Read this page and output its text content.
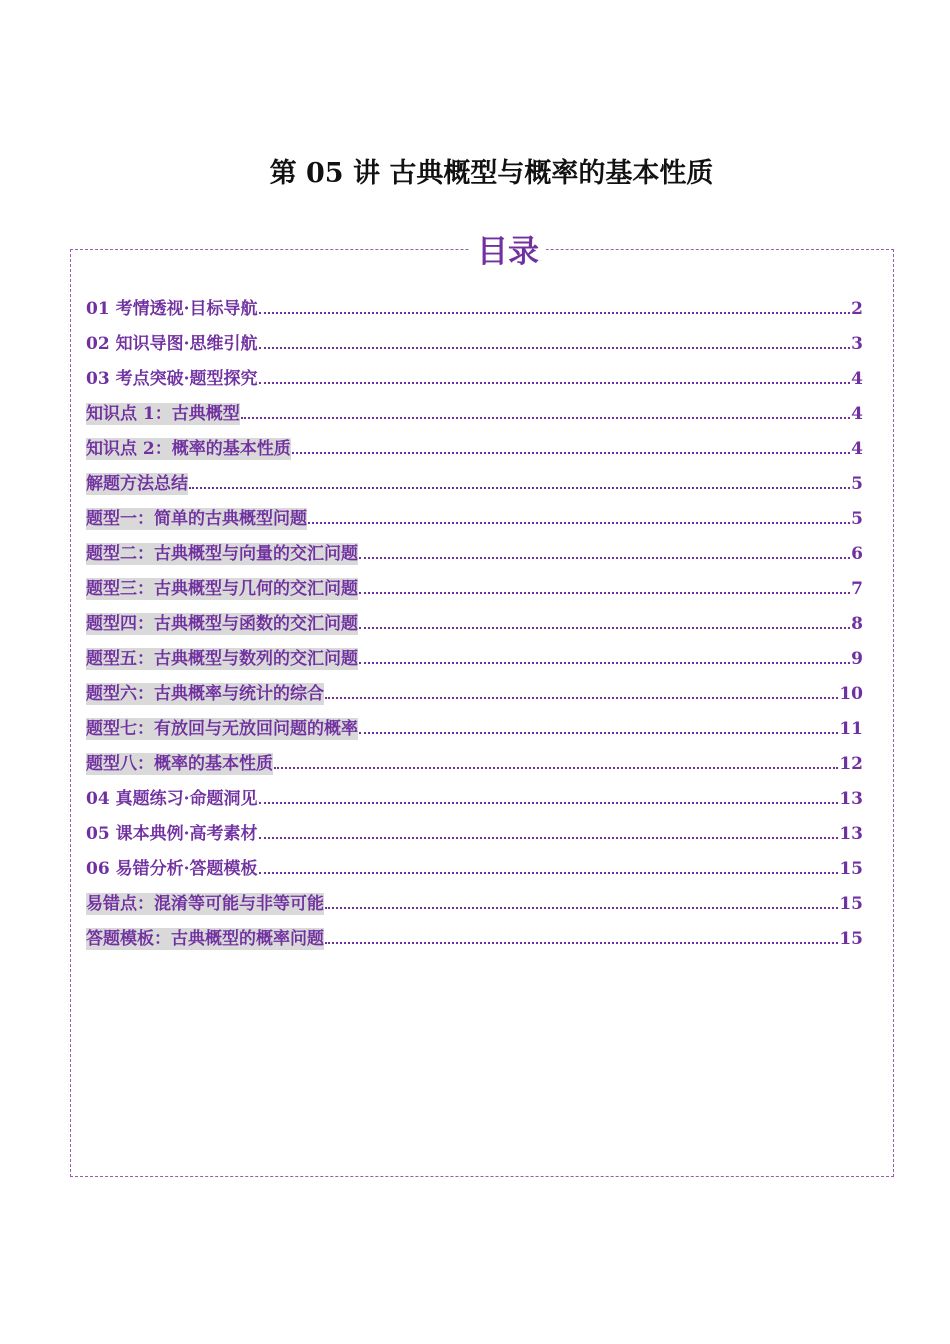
第 05 讲 古典概型与概率的基本性质
目录
01 考情透视·目标导航	2
02 知识导图·思维引航	3
03 考点突破·题型探究	4
知识点 1：古典概型	4
知识点 2：概率的基本性质	4
解题方法总结	5
题型一：简单的古典概型问题	5
题型二：古典概型与向量的交汇问题	6
题型三：古典概型与几何的交汇问题	7
题型四：古典概型与函数的交汇问题	8
题型五：古典概型与数列的交汇问题	9
题型六：古典概率与统计的综合	10
题型七：有放回与无放回问题的概率	11
题型八：概率的基本性质	12
04 真题练习·命题洞见	13
05 课本典例·高考素材	13
06 易错分析·答题模板	15
易错点：混淆等可能与非等可能	15
答题模板：古典概型的概率问题	15
